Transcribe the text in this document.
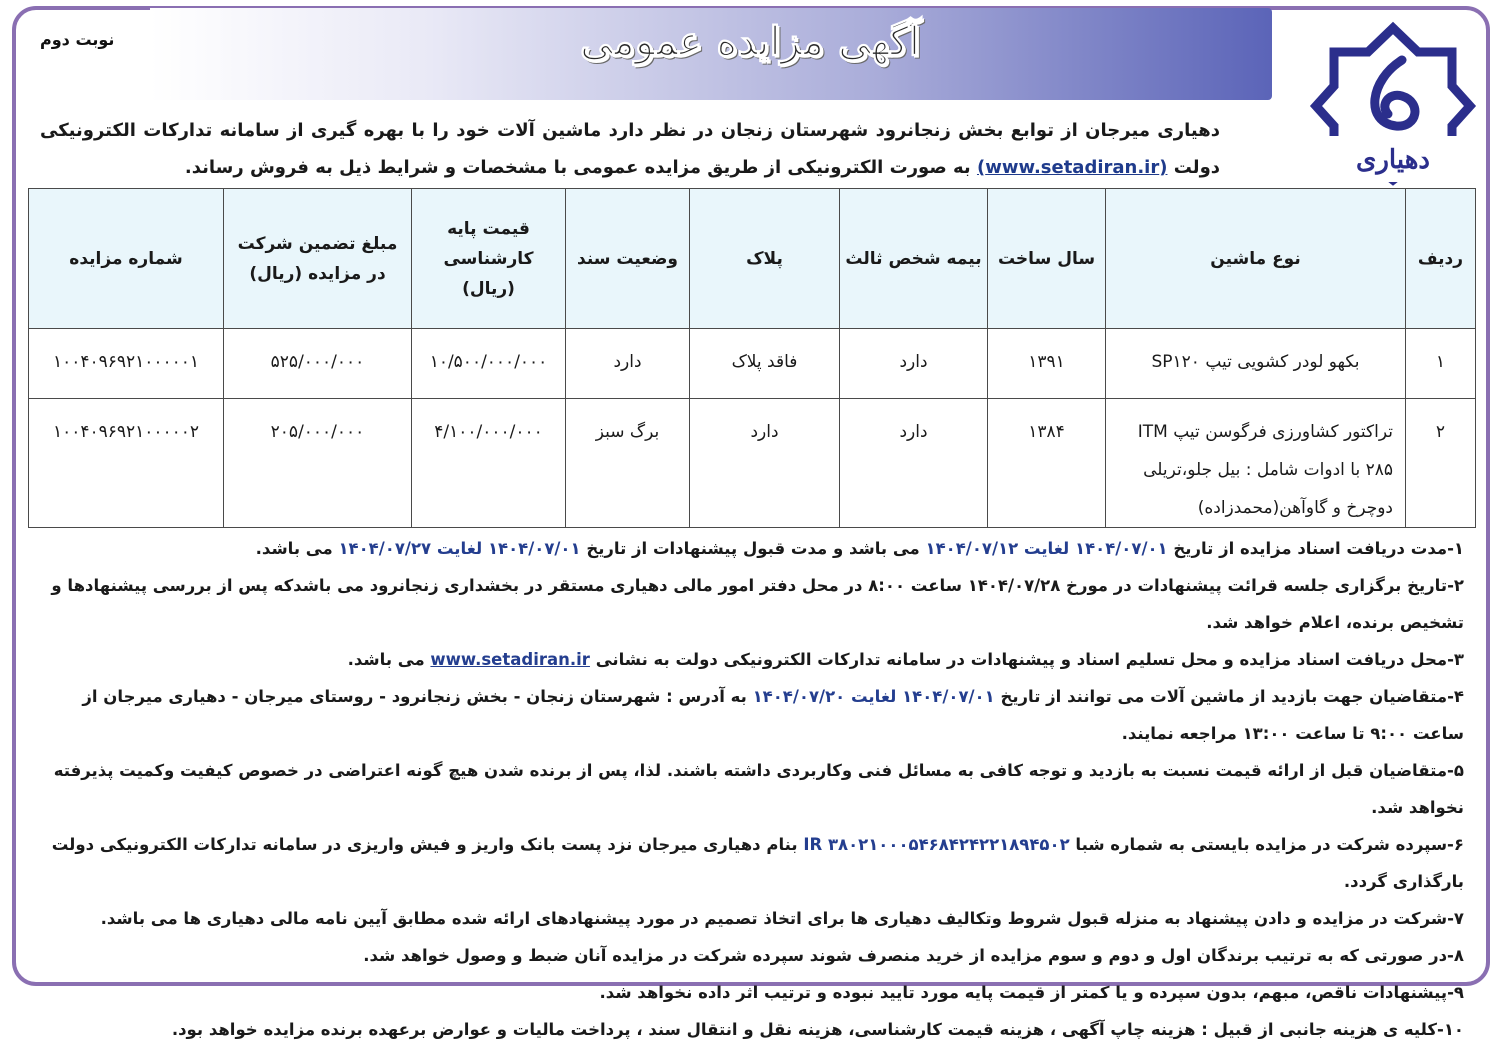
آگهی مزایده عمومی
نوبت دوم
دهیاری
دهیاری میرجان از توابع بخش زنجانرود شهرستان زنجان در نظر دارد ماشین آلات خود را با بهره گیری از سامانه تدارکات الکترونیکی دولت (www.setadiran.ir) به صورت الکترونیکی از طریق مزایده عمومی با مشخصات و شرایط ذیل به فروش رساند.
ردیف	نوع ماشین	سال ساخت	بیمه شخص ثالث	پلاک	وضعیت سند	قیمت پایه کارشناسی (ریال)	مبلغ تضمین شرکت در مزایده (ریال)	شماره مزایده
۱	بکهو لودر کشویی تیپ SP۱۲۰	۱۳۹۱	دارد	فاقد پلاک	دارد	۱۰/۵۰۰/۰۰۰/۰۰۰	۵۲۵/۰۰۰/۰۰۰	۱۰۰۴۰۹۶۹۲۱۰۰۰۰۰۱
۲	تراکتور کشاورزی فرگوسن تیپ ITM ۲۸۵ با ادوات شامل : بیل جلو،تریلی دوچرخ و گاوآهن(محمدزاده)	۱۳۸۴	دارد	دارد	برگ سبز	۴/۱۰۰/۰۰۰/۰۰۰	۲۰۵/۰۰۰/۰۰۰	۱۰۰۴۰۹۶۹۲۱۰۰۰۰۰۲

۱-مدت دریافت اسناد مزایده از تاریخ ۱۴۰۴/۰۷/۰۱ لغایت ۱۴۰۴/۰۷/۱۲ می باشد و مدت قبول پیشنهادات از تاریخ ۱۴۰۴/۰۷/۰۱ لغایت ۱۴۰۴/۰۷/۲۷ می باشد.

۲-تاریخ برگزاری جلسه قرائت پیشنهادات در مورخ ۱۴۰۴/۰۷/۲۸ ساعت ۸:۰۰ در محل دفتر امور مالی دهیاری مستقر در بخشداری زنجانرود می باشدکه پس از بررسی پیشنهادها و تشخیص برنده، اعلام خواهد شد.

۳-محل دریافت اسناد مزایده و محل تسلیم اسناد و پیشنهادات در سامانه تدارکات الکترونیکی دولت به نشانی www.setadiran.ir می باشد.

۴-متقاضیان جهت بازدید از ماشین آلات می توانند از تاریخ ۱۴۰۴/۰۷/۰۱ لغایت ۱۴۰۴/۰۷/۲۰ به آدرس : شهرستان زنجان - بخش زنجانرود - روستای میرجان - دهیاری میرجان از ساعت ۹:۰۰ تا ساعت ۱۳:۰۰ مراجعه نمایند.

۵-متقاضیان قبل از ارائه قیمت نسبت به بازدید و توجه کافی به مسائل فنی وکاربردی داشته باشند. لذا، پس از برنده شدن هیچ گونه اعتراضی در خصوص کیفیت وکمیت پذیرفته نخواهد شد.

۶-سپرده شرکت در مزایده بایستی به شماره شبا IR ۳۸۰۲۱۰۰۰۵۴۶۸۴۲۴۲۲۱۸۹۴۵۰۲ بنام دهیاری میرجان نزد پست بانک واریز و فیش واریزی در سامانه تدارکات الکترونیکی دولت بارگذاری گردد.

۷-شرکت در مزایده و دادن پیشنهاد به منزله قبول شروط وتکالیف دهیاری ها برای اتخاذ تصمیم در مورد پیشنهادهای ارائه شده مطابق آیین نامه مالی دهیاری ها می باشد.

۸-در صورتی که به ترتیب برندگان اول و دوم و سوم مزایده از خرید منصرف شوند سپرده شرکت در مزایده آنان ضبط و وصول خواهد شد.

۹-پیشنهادات ناقص، مبهم، بدون سپرده و یا کمتر از قیمت پایه مورد تایید نبوده و ترتیب اثر داده نخواهد شد.

۱۰-کلیه ی هزینه جانبی از قبیل : هزینه چاپ آگهی ، هزینه قیمت کارشناسی، هزینه نقل و انتقال سند ، پرداخت مالیات و عوارض برعهده برنده مزایده خواهد بود.
